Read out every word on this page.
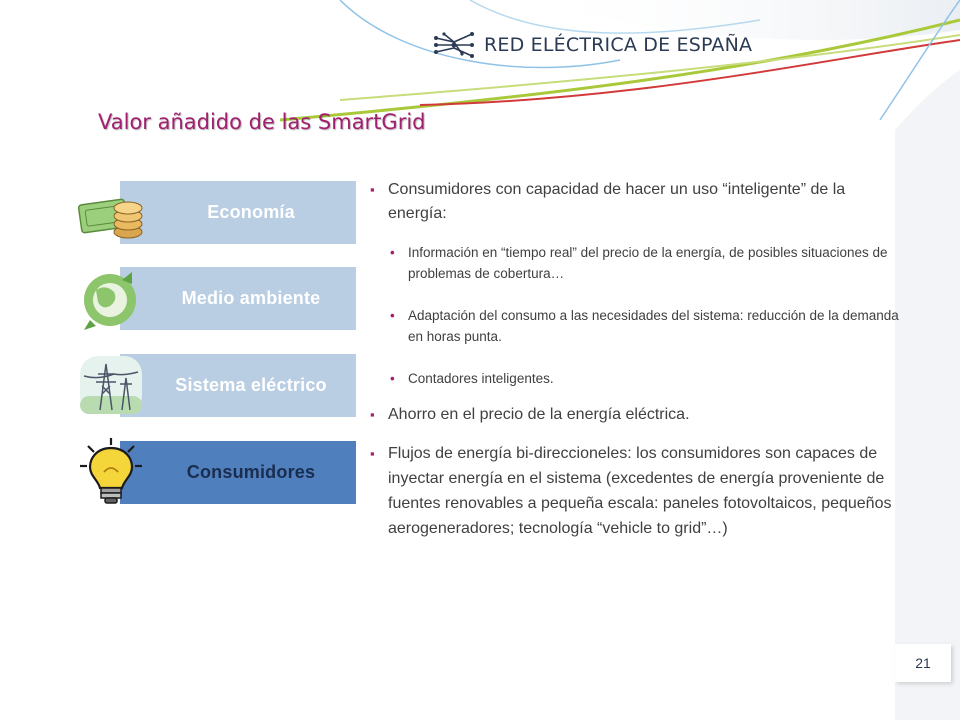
RED ELÉCTRICA DE ESPAÑA
Valor añadido de las SmartGrid
Economía
Medio ambiente
Sistema eléctrico
Consumidores
▪ Consumidores con capacidad de hacer un uso “inteligente” de la energía:
• Información en “tiempo real” del precio de la energía, de posibles situaciones de problemas de cobertura…
• Adaptación del consumo a las necesidades del sistema: reducción de la demanda en horas punta.
• Contadores inteligentes.
▪ Ahorro en el precio de la energía eléctrica.
▪ Flujos de energía bi-direccioneles: los consumidores son capaces de inyectar energía en el sistema (excedentes de energía proveniente de fuentes renovables a pequeña escala: paneles fotovoltaicos, pequeños aerogeneradores; tecnología “vehicle to grid”…)
21
